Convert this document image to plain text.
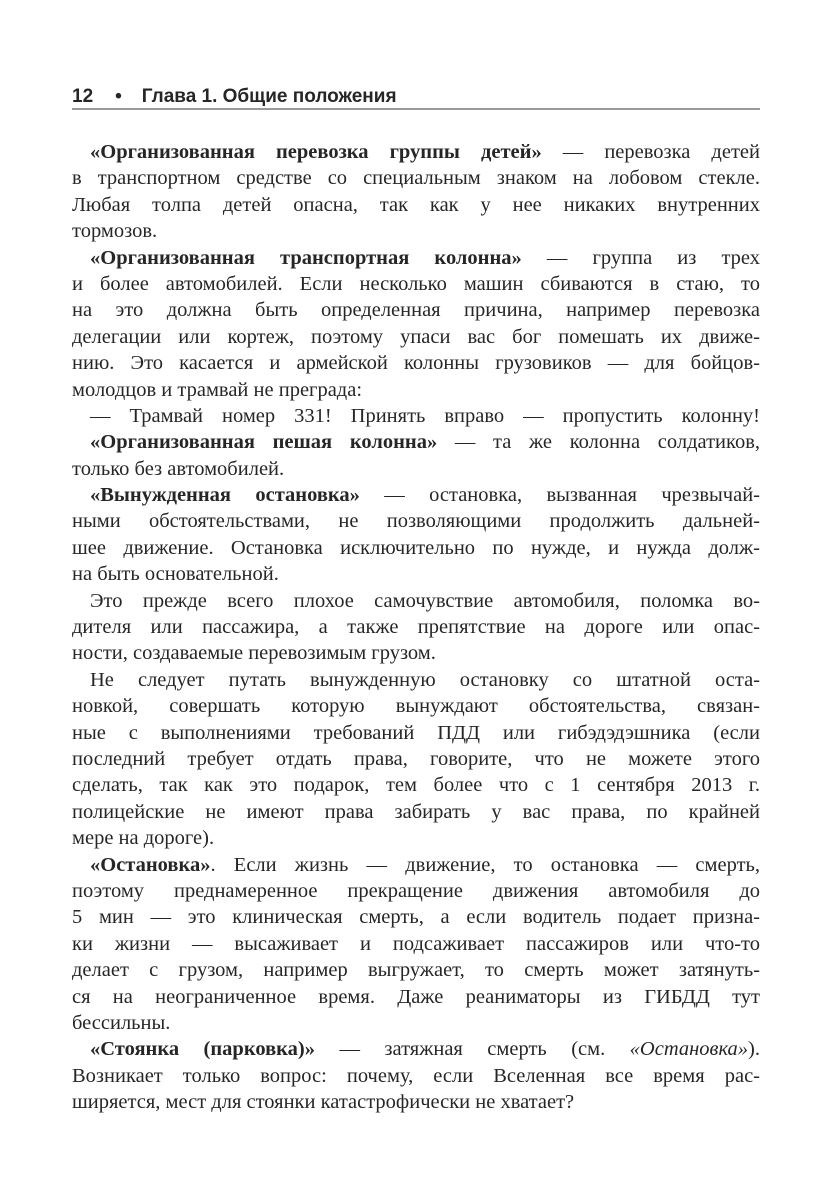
12 • Глава 1. Общие положения
«Организованная перевозка группы детей» — перевозка детей
в транспортном средстве со специальным знаком на лобовом стекле.
Любая толпа детей опасна, так как у нее никаких внутренних
тормозов.
«Организованная транспортная колонна» — группа из трех
и более автомобилей. Если несколько машин сбиваются в стаю, то
на это должна быть определенная причина, например перевозка
делегации или кортеж, поэтому упаси вас бог помешать их движе-
нию. Это касается и армейской колонны грузовиков — для бойцов-
молодцов и трамвай не преграда:
— Трамвай номер 331! Принять вправо — пропустить колонну!
«Организованная пешая колонна» — та же колонна солдатиков,
только без автомобилей.
«Вынужденная остановка» — остановка, вызванная чрезвычай-
ными обстоятельствами, не позволяющими продолжить дальней-
шее движение. Остановка исключительно по нужде, и нужда долж-
на быть основательной.
Это прежде всего плохое самочувствие автомобиля, поломка во-
дителя или пассажира, а также препятствие на дороге или опас-
ности, создаваемые перевозимым грузом.
Не следует путать вынужденную остановку со штатной оста-
новкой, совершать которую вынуждают обстоятельства, связан-
ные с выполнениями требований ПДД или гибэдэдэшника (если
последний требует отдать права, говорите, что не можете этого
сделать, так как это подарок, тем более что с 1 сентября 2013 г.
полицейские не имеют права забирать у вас права, по крайней
мере на дороге).
«Остановка». Если жизнь — движение, то остановка — смерть,
поэтому преднамеренное прекращение движения автомобиля до
5 мин — это клиническая смерть, а если водитель подает призна-
ки жизни — высаживает и подсаживает пассажиров или что-то
делает с грузом, например выгружает, то смерть может затянуть-
ся на неограниченное время. Даже реаниматоры из ГИБДД тут
бессильны.
«Стоянка (парковка)» — затяжная смерть (см. «Остановка»).
Возникает только вопрос: почему, если Вселенная все время рас-
ширяется, мест для стоянки катастрофически не хватает?
